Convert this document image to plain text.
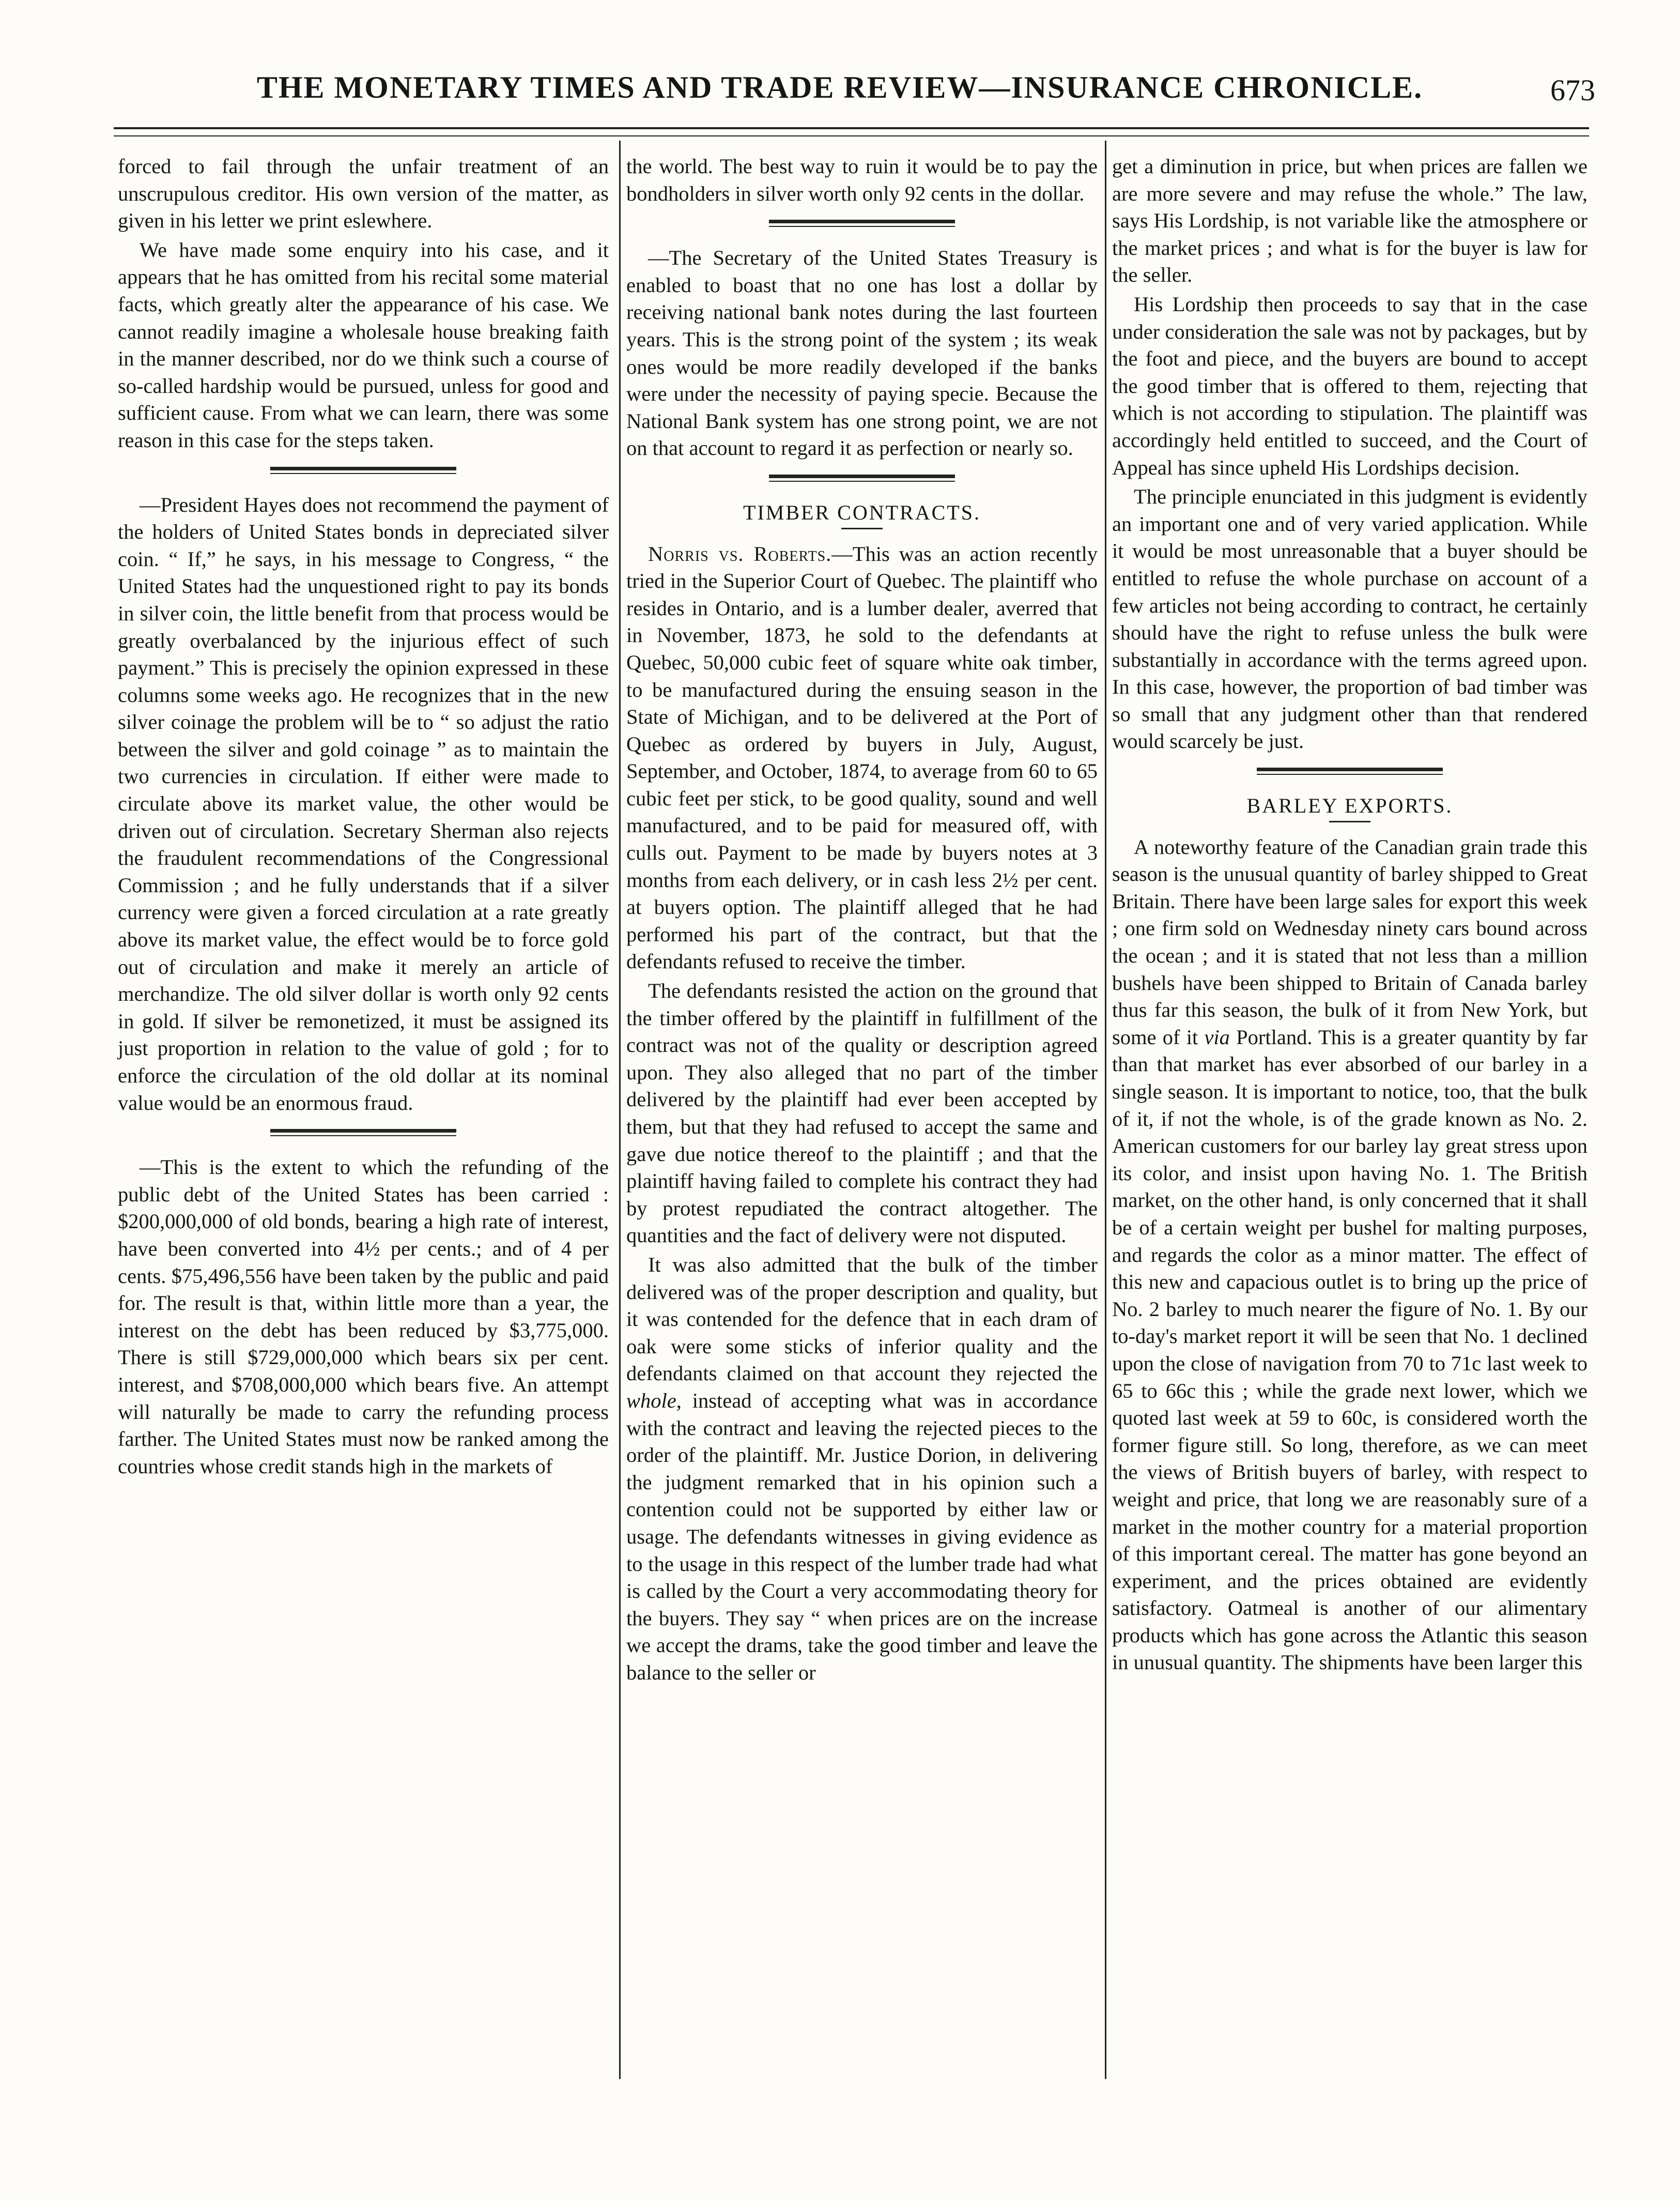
THE MONETARY TIMES AND TRADE REVIEW—INSURANCE CHRONICLE.	673

forced to fail through the unfair treatment of an unscrupulous creditor. His own version of the matter, as given in his letter we print eslewhere.

We have made some enquiry into his case, and it appears that he has omitted from his recital some material facts, which greatly alter the appearance of his case. We cannot readily imagine a wholesale house breaking faith in the manner described, nor do we think such a course of so-called hardship would be pursued, unless for good and sufficient cause. From what we can learn, there was some reason in this case for the steps taken.

—President Hayes does not recommend the payment of the holders of United States bonds in depreciated silver coin. “ If,” he says, in his message to Congress, “ the United States had the unquestioned right to pay its bonds in silver coin, the little benefit from that process would be greatly overbalanced by the injurious effect of such payment.” This is precisely the opinion expressed in these columns some weeks ago. He recognizes that in the new silver coinage the problem will be to “ so adjust the ratio between the silver and gold coinage ” as to maintain the two currencies in circulation. If either were made to circulate above its market value, the other would be driven out of circulation. Secretary Sherman also rejects the fraudulent recommendations of the Congressional Commission ; and he fully understands that if a silver currency were given a forced circulation at a rate greatly above its market value, the effect would be to force gold out of circulation and make it merely an article of merchandize. The old silver dollar is worth only 92 cents in gold. If silver be remonetized, it must be assigned its just proportion in relation to the value of gold ; for to enforce the circulation of the old dollar at its nominal value would be an enormous fraud.

—This is the extent to which the refunding of the public debt of the United States has been carried : $200,000,000 of old bonds, bearing a high rate of interest, have been converted into 4½ per cents.; and of 4 per cents. $75,496,556 have been taken by the public and paid for. The result is that, within little more than a year, the interest on the debt has been reduced by $3,775,000. There is still $729,000,000 which bears six per cent. interest, and $708,000,000 which bears five. An attempt will naturally be made to carry the refunding process farther. The United States must now be ranked among the countries whose credit stands high in the markets of

the world. The best way to ruin it would be to pay the bondholders in silver worth only 92 cents in the dollar.

—The Secretary of the United States Treasury is enabled to boast that no one has lost a dollar by receiving national bank notes during the last fourteen years. This is the strong point of the system ; its weak ones would be more readily developed if the banks were under the necessity of paying specie. Because the National Bank system has one strong point, we are not on that account to regard it as perfection or nearly so.

TIMBER CONTRACTS.

Norris vs. Roberts.—This was an action recently tried in the Superior Court of Quebec. The plaintiff who resides in Ontario, and is a lumber dealer, averred that in November, 1873, he sold to the defendants at Quebec, 50,000 cubic feet of square white oak timber, to be manufactured during the ensuing season in the State of Michigan, and to be delivered at the Port of Quebec as ordered by buyers in July, August, September, and October, 1874, to average from 60 to 65 cubic feet per stick, to be good quality, sound and well manufactured, and to be paid for measured off, with culls out. Payment to be made by buyers notes at 3 months from each delivery, or in cash less 2½ per cent. at buyers option. The plaintiff alleged that he had performed his part of the contract, but that the defendants refused to receive the timber.

The defendants resisted the action on the ground that the timber offered by the plaintiff in fulfillment of the contract was not of the quality or description agreed upon. They also alleged that no part of the timber delivered by the plaintiff had ever been accepted by them, but that they had refused to accept the same and gave due notice thereof to the plaintiff ; and that the plaintiff having failed to complete his contract they had by protest repudiated the contract altogether. The quantities and the fact of delivery were not disputed.

It was also admitted that the bulk of the timber delivered was of the proper description and quality, but it was contended for the defence that in each dram of oak were some sticks of inferior quality and the defendants claimed on that account they rejected the whole, instead of accepting what was in accordance with the contract and leaving the rejected pieces to the order of the plaintiff. Mr. Justice Dorion, in delivering the judgment remarked that in his opinion such a contention could not be supported by either law or usage. The defendants witnesses in giving evidence as to the usage in this respect of the lumber trade had what is called by the Court a very accommodating theory for the buyers. They say “ when prices are on the increase we accept the drams, take the good timber and leave the balance to the seller or

get a diminution in price, but when prices are fallen we are more severe and may refuse the whole.” The law, says His Lordship, is not variable like the atmosphere or the market prices ; and what is for the buyer is law for the seller.

His Lordship then proceeds to say that in the case under consideration the sale was not by packages, but by the foot and piece, and the buyers are bound to accept the good timber that is offered to them, rejecting that which is not according to stipulation. The plaintiff was accordingly held entitled to succeed, and the Court of Appeal has since upheld His Lordships decision.

The principle enunciated in this judgment is evidently an important one and of very varied application. While it would be most unreasonable that a buyer should be entitled to refuse the whole purchase on account of a few articles not being according to contract, he certainly should have the right to refuse unless the bulk were substantially in accordance with the terms agreed upon. In this case, however, the proportion of bad timber was so small that any judgment other than that rendered would scarcely be just.

BARLEY EXPORTS.

A noteworthy feature of the Canadian grain trade this season is the unusual quantity of barley shipped to Great Britain. There have been large sales for export this week ; one firm sold on Wednesday ninety cars bound across the ocean ; and it is stated that not less than a million bushels have been shipped to Britain of Canada barley thus far this season, the bulk of it from New York, but some of it via Portland. This is a greater quantity by far than that market has ever absorbed of our barley in a single season. It is important to notice, too, that the bulk of it, if not the whole, is of the grade known as No. 2. American customers for our barley lay great stress upon its color, and insist upon having No. 1. The British market, on the other hand, is only concerned that it shall be of a certain weight per bushel for malting purposes, and regards the color as a minor matter. The effect of this new and capacious outlet is to bring up the price of No. 2 barley to much nearer the figure of No. 1. By our to-day's market report it will be seen that No. 1 declined upon the close of navigation from 70 to 71c last week to 65 to 66c this ; while the grade next lower, which we quoted last week at 59 to 60c, is considered worth the former figure still. So long, therefore, as we can meet the views of British buyers of barley, with respect to weight and price, that long we are reasonably sure of a market in the mother country for a material proportion of this important cereal. The matter has gone beyond an experiment, and the prices obtained are evidently satisfactory. Oatmeal is another of our alimentary products which has gone across the Atlantic this season in unusual quantity. The shipments have been larger this
